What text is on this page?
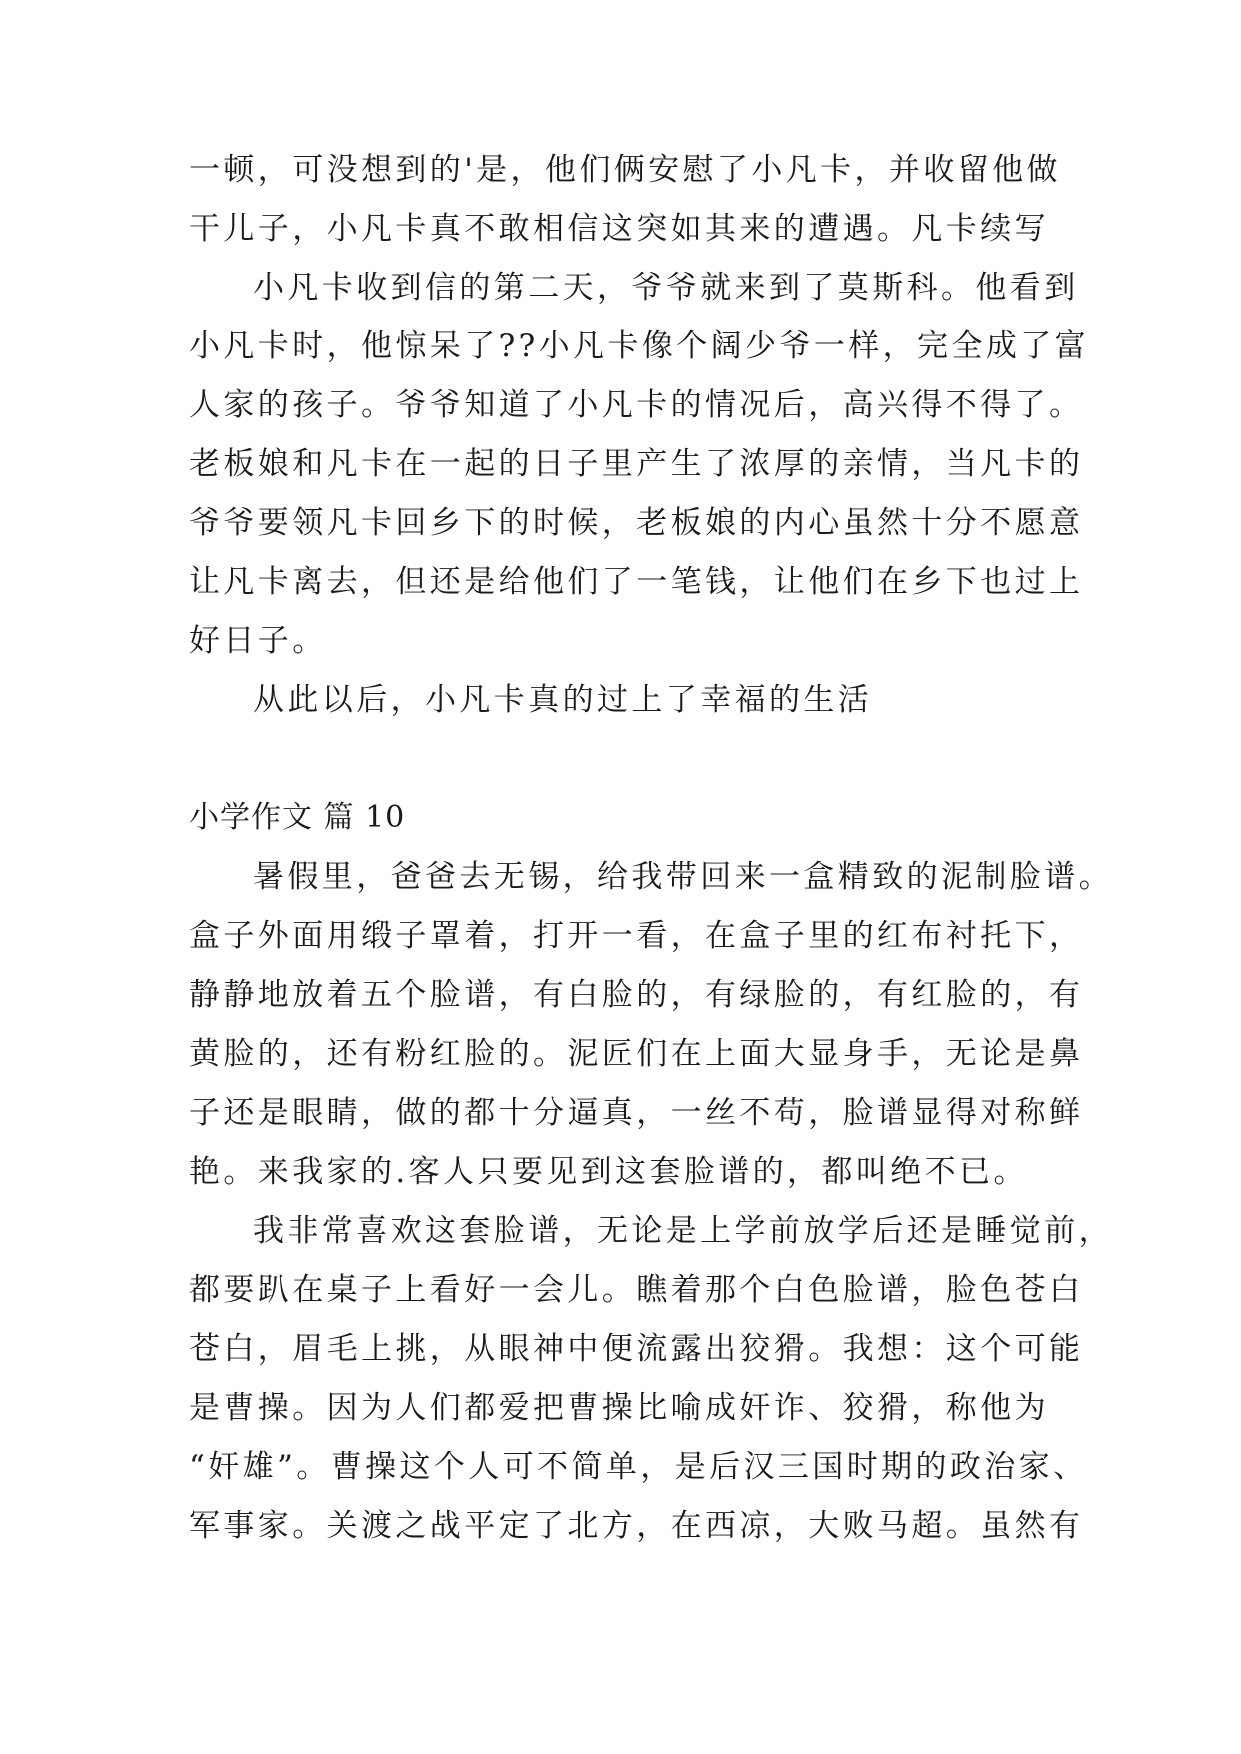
一顿，可没想到的'是，他们俩安慰了小凡卡，并收留他做
干儿子，小凡卡真不敢相信这突如其来的遭遇。凡卡续写
小凡卡收到信的第二天，爷爷就来到了莫斯科。他看到
小凡卡时，他惊呆了??小凡卡像个阔少爷一样，完全成了富
人家的孩子。爷爷知道了小凡卡的情况后，高兴得不得了。
老板娘和凡卡在一起的日子里产生了浓厚的亲情，当凡卡的
爷爷要领凡卡回乡下的时候，老板娘的内心虽然十分不愿意
让凡卡离去，但还是给他们了一笔钱，让他们在乡下也过上
好日子。
从此以后，小凡卡真的过上了幸福的生活
小学作文 篇 10
暑假里，爸爸去无锡，给我带回来一盒精致的泥制脸谱。
盒子外面用缎子罩着，打开一看，在盒子里的红布衬托下，
静静地放着五个脸谱，有白脸的，有绿脸的，有红脸的，有
黄脸的，还有粉红脸的。泥匠们在上面大显身手，无论是鼻
子还是眼睛，做的都十分逼真，一丝不苟，脸谱显得对称鲜
艳。来我家的.客人只要见到这套脸谱的，都叫绝不已。
我非常喜欢这套脸谱，无论是上学前放学后还是睡觉前，
都要趴在桌子上看好一会儿。瞧着那个白色脸谱，脸色苍白
苍白，眉毛上挑，从眼神中便流露出狡猾。我想：这个可能
是曹操。因为人们都爱把曹操比喻成奸诈、狡猾，称他为
“奸雄”。曹操这个人可不简单，是后汉三国时期的政治家、
军事家。关渡之战平定了北方，在西凉，大败马超。虽然有
